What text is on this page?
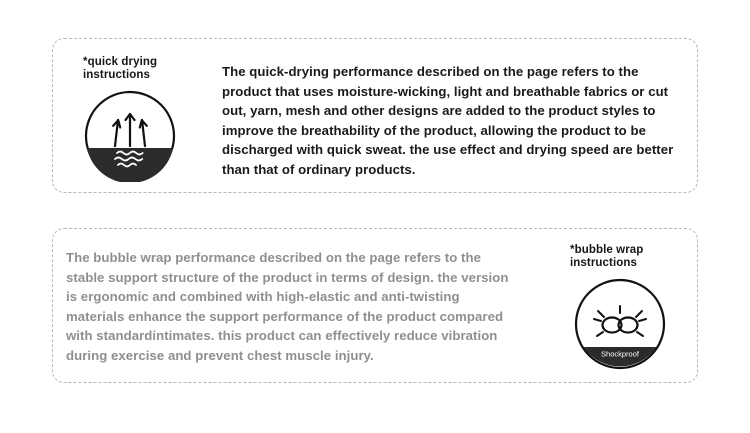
*quick drying
instructions	The quick-drying performance described on the page refers to the product that uses moisture-wicking, light and breathable fabrics or cut out, yarn, mesh and other designs are added to the product styles to improve the breathability of the product, allowing the product to be discharged with quick sweat. the use effect and drying speed are better than that of ordinary products.
*bubble wrap
instructions
Shockproof
The bubble wrap performance described on the page refers to the stable support structure of the product in terms of design. the version is ergonomic and combined with high-elastic and anti-twisting materials enhance the support performance of the product compared with standardintimates. this product can effectively reduce vibration during exercise and prevent chest muscle injury.
